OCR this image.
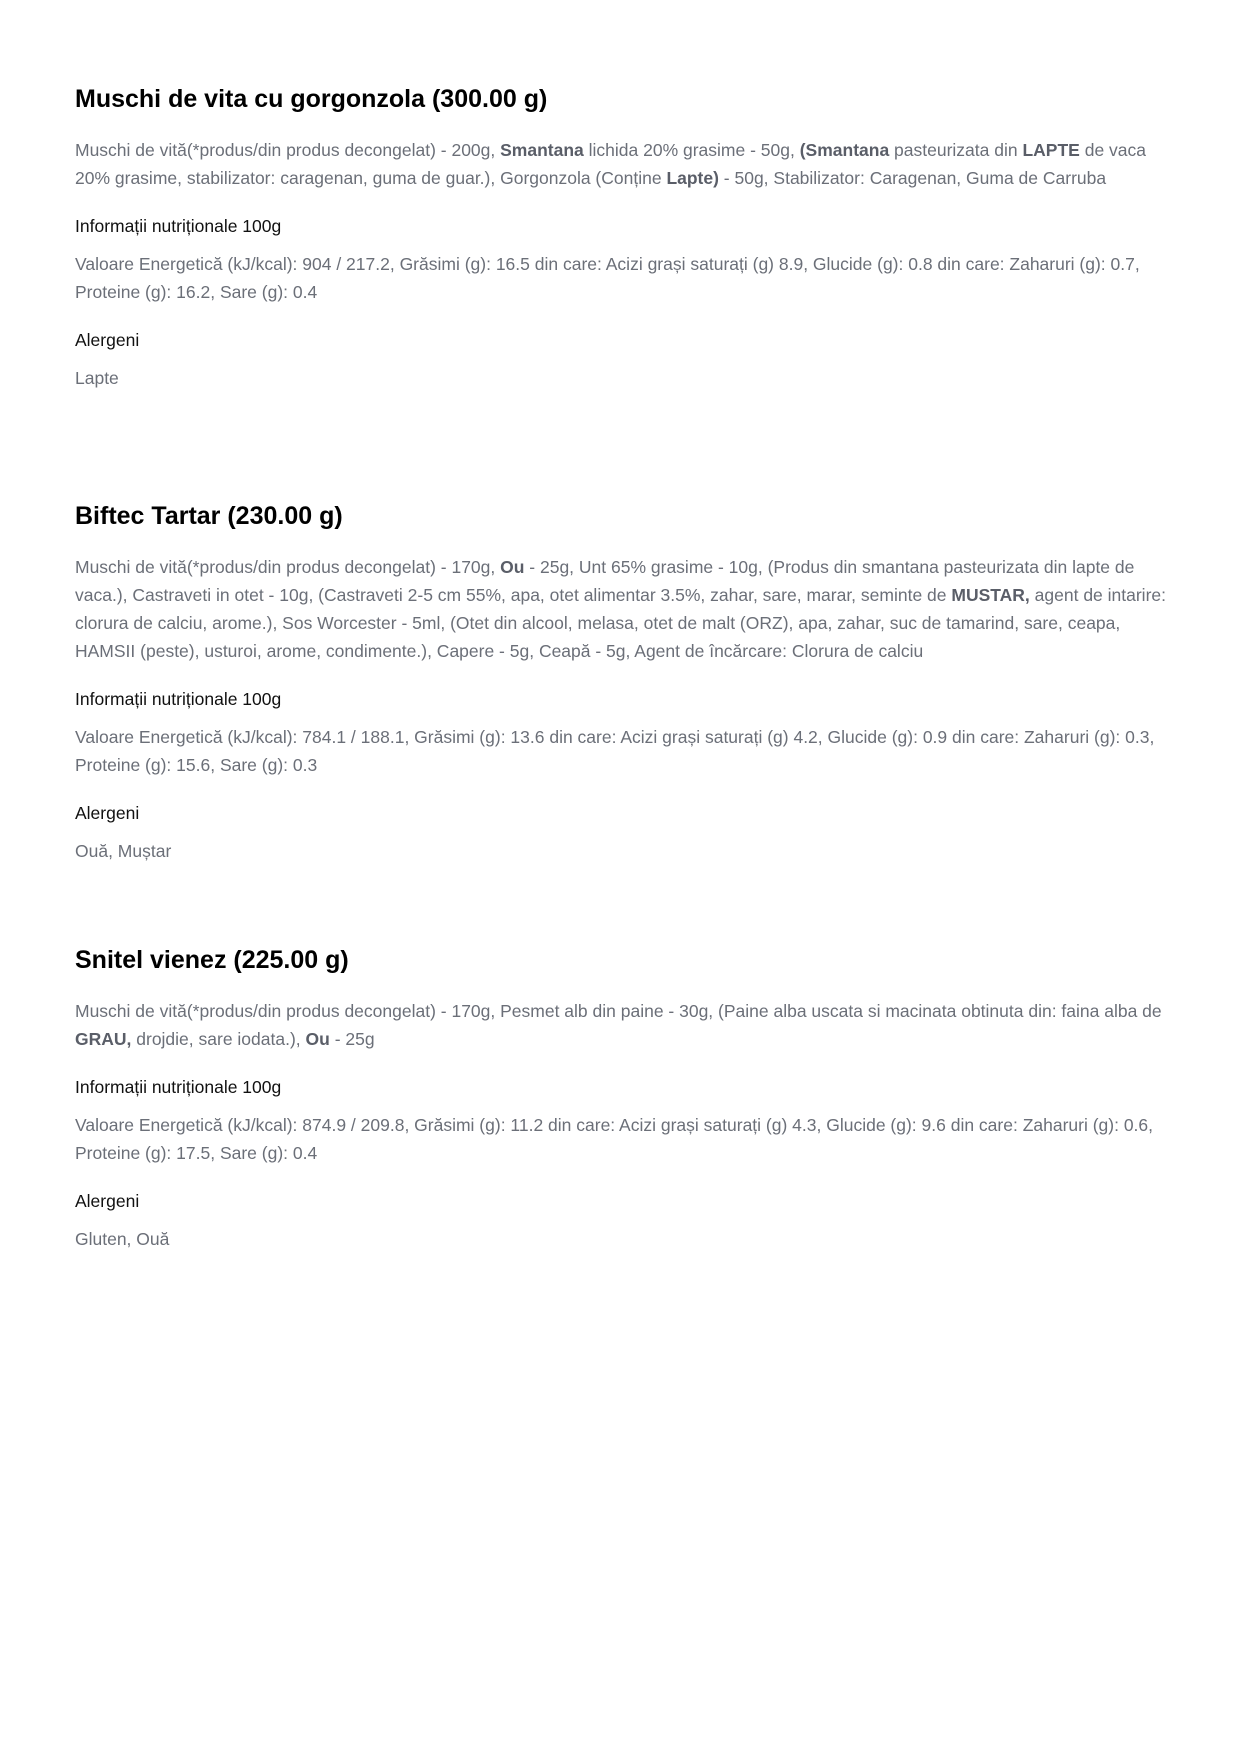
Muschi de vita cu gorgonzola (300.00 g)

Muschi de vită(*produs/din produs decongelat) - 200g, Smantana lichida 20% grasime - 50g, (Smantana pasteurizata din LAPTE de vaca 20% grasime, stabilizator: caragenan, guma de guar.), Gorgonzola (Conține Lapte) - 50g, Stabilizator: Caragenan, Guma de Carruba

Informații nutriționale 100g

Valoare Energetică (kJ/kcal): 904 / 217.2, Grăsimi (g): 16.5 din care: Acizi grași saturați (g) 8.9, Glucide (g): 0.8 din care: Zaharuri (g): 0.7, Proteine (g): 16.2, Sare (g): 0.4

Alergeni

Lapte

Biftec Tartar (230.00 g)

Muschi de vită(*produs/din produs decongelat) - 170g, Ou - 25g, Unt 65% grasime - 10g, (Produs din smantana pasteurizata din lapte de vaca.), Castraveti in otet - 10g, (Castraveti 2-5 cm 55%, apa, otet alimentar 3.5%, zahar, sare, marar, seminte de MUSTAR, agent de intarire: clorura de calciu, arome.), Sos Worcester - 5ml, (Otet din alcool, melasa, otet de malt (ORZ), apa, zahar, suc de tamarind, sare, ceapa, HAMSII (peste), usturoi, arome, condimente.), Capere - 5g, Ceapă - 5g, Agent de încărcare: Clorura de calciu

Informații nutriționale 100g

Valoare Energetică (kJ/kcal): 784.1 / 188.1, Grăsimi (g): 13.6 din care: Acizi grași saturați (g) 4.2, Glucide (g): 0.9 din care: Zaharuri (g): 0.3, Proteine (g): 15.6, Sare (g): 0.3

Alergeni

Ouă, Muștar

Snitel vienez (225.00 g)

Muschi de vită(*produs/din produs decongelat) - 170g, Pesmet alb din paine - 30g, (Paine alba uscata si macinata obtinuta din: faina alba de GRAU, drojdie, sare iodata.), Ou - 25g

Informații nutriționale 100g

Valoare Energetică (kJ/kcal): 874.9 / 209.8, Grăsimi (g): 11.2 din care: Acizi grași saturați (g) 4.3, Glucide (g): 9.6 din care: Zaharuri (g): 0.6, Proteine (g): 17.5, Sare (g): 0.4

Alergeni

Gluten, Ouă
